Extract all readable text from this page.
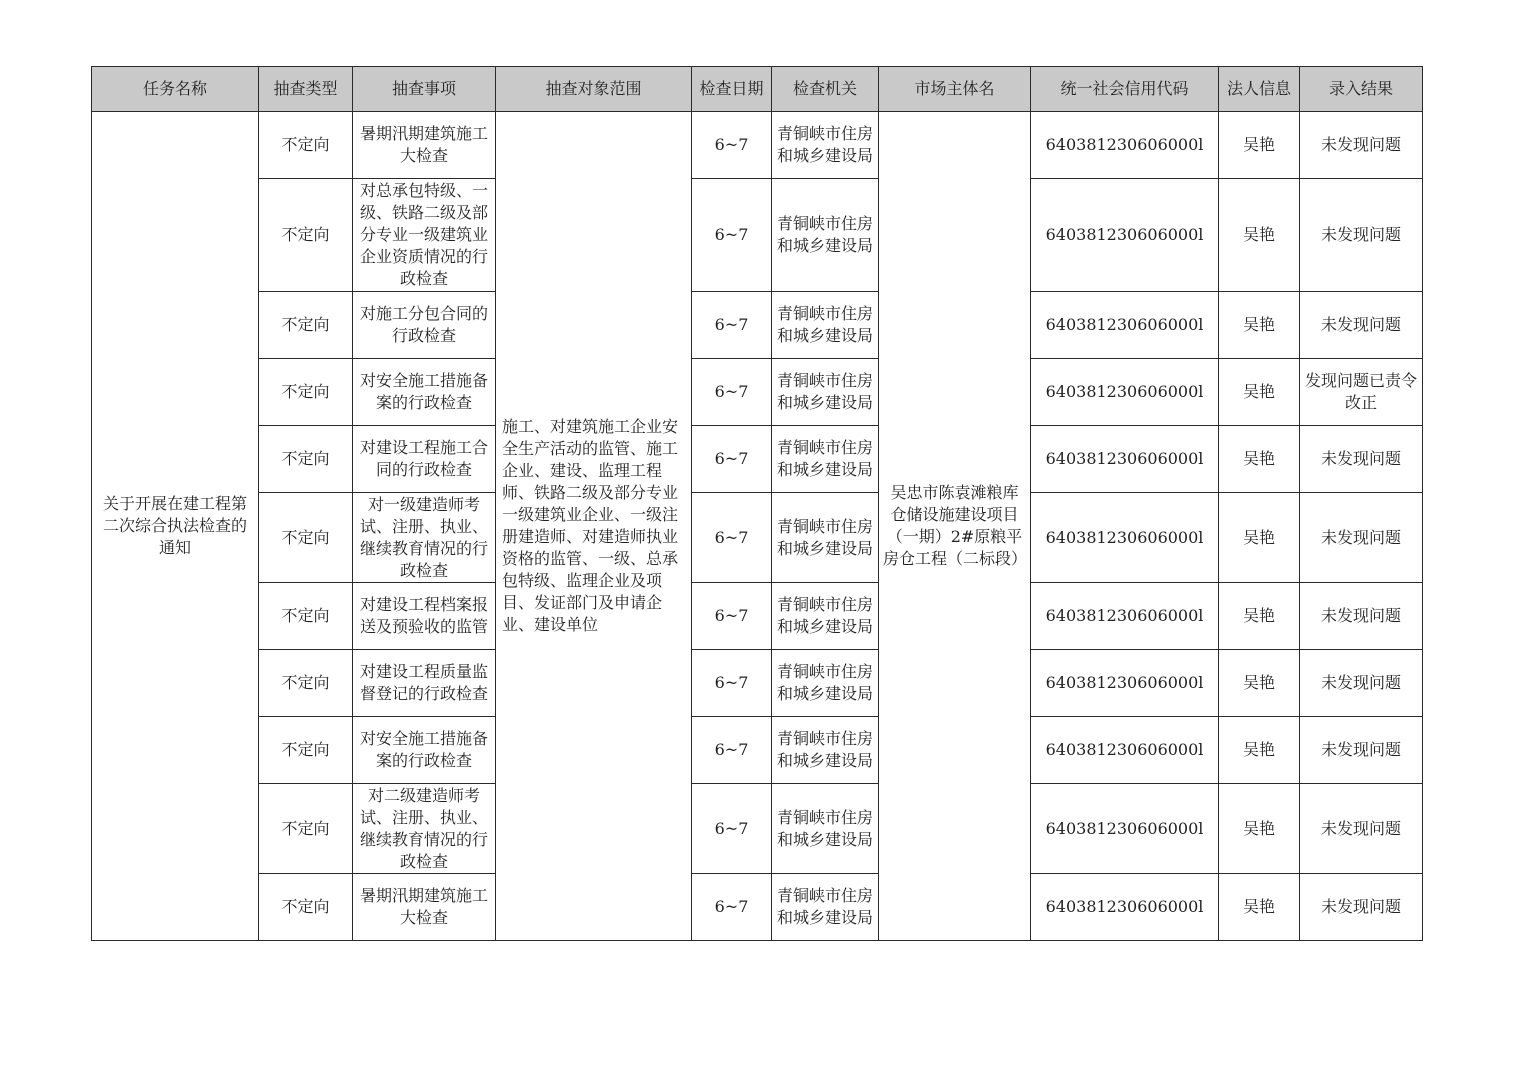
任务名称	抽查类型	抽查事项	抽查对象范围	检查日期	检查机关	市场主体名	统一社会信用代码	法人信息	录入结果
关于开展在建工程第二次综合执法检查的通知	不定向	暑期汛期建筑施工大检查	施工、对建筑施工企业安全生产活动的监管、施工企业、建设、监理工程师、铁路二级及部分专业一级建筑业企业、一级注册建造师、对建造师执业资格的监管、一级、总承包特级、监理企业及项目、发证部门及申请企业、建设单位	6~7	青铜峡市住房和城乡建设局	吴忠市陈袁滩粮库仓储设施建设项目（一期）2#原粮平房仓工程（二标段）	640381230606000l	吴艳	未发现问题
	不定向	对总承包特级、一级、铁路二级及部分专业一级建筑业企业资质情况的行政检查		6~7	青铜峡市住房和城乡建设局		640381230606000l	吴艳	未发现问题
	不定向	对施工分包合同的行政检查		6~7	青铜峡市住房和城乡建设局		640381230606000l	吴艳	未发现问题
	不定向	对安全施工措施备案的行政检查		6~7	青铜峡市住房和城乡建设局		640381230606000l	吴艳	发现问题已责令改正
	不定向	对建设工程施工合同的行政检查		6~7	青铜峡市住房和城乡建设局		640381230606000l	吴艳	未发现问题
	不定向	对一级建造师考试、注册、执业、继续教育情况的行政检查		6~7	青铜峡市住房和城乡建设局		640381230606000l	吴艳	未发现问题
	不定向	对建设工程档案报送及预验收的监管		6~7	青铜峡市住房和城乡建设局		640381230606000l	吴艳	未发现问题
	不定向	对建设工程质量监督登记的行政检查		6~7	青铜峡市住房和城乡建设局		640381230606000l	吴艳	未发现问题
	不定向	对安全施工措施备案的行政检查		6~7	青铜峡市住房和城乡建设局		640381230606000l	吴艳	未发现问题
	不定向	对二级建造师考试、注册、执业、继续教育情况的行政检查		6~7	青铜峡市住房和城乡建设局		640381230606000l	吴艳	未发现问题
	不定向	暑期汛期建筑施工大检查		6~7	青铜峡市住房和城乡建设局		640381230606000l	吴艳	未发现问题
